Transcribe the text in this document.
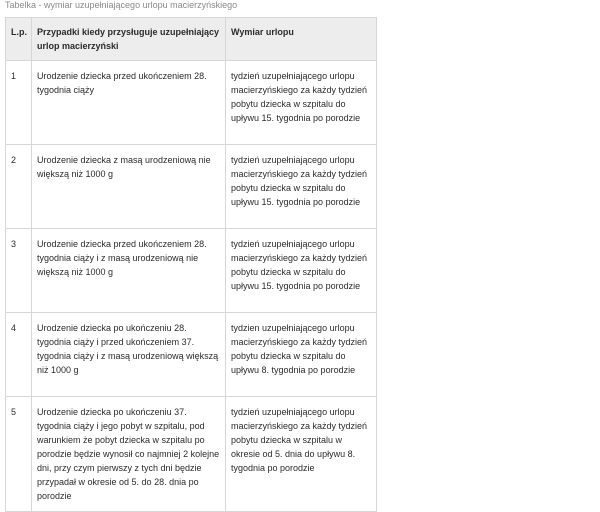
Tabelka - wymiar uzupełniającego urlopu macierzyńskiego
L.p.	Przypadki kiedy przysługuje uzupełniający urlop macierzyński	Wymiar urlopu
1	Urodzenie dziecka przed ukończeniem 28. tygodnia ciąży	tydzień uzupełniającego urlopu macierzyńskiego za każdy tydzień pobytu dziecka w szpitalu do upływu 15. tygodnia po porodzie
2	Urodzenie dziecka z masą urodzeniową nie większą niż 1000 g	tydzień uzupełniającego urlopu macierzyńskiego za każdy tydzień pobytu dziecka w szpitalu do upływu 15. tygodnia po porodzie
3	Urodzenie dziecka przed ukończeniem 28. tygodnia ciąży i z masą urodzeniową nie większą niż 1000 g	tydzień uzupełniającego urlopu macierzyńskiego za każdy tydzień pobytu dziecka w szpitalu do upływu 15. tygodnia po porodzie
4	Urodzenie dziecka po ukończeniu 28. tygodnia ciąży i przed ukończeniem 37. tygodnia ciąży i z masą urodzeniową większą niż 1000 g	tydzien uzupełniającego urlopu macierzyńskiego za każdy tydzień pobytu dziecka w szpitalu do upływu 8. tygodnia po porodzie
5	Urodzenie dziecka po ukończeniu 37. tygodnia ciąży i jego pobyt w szpitalu, pod warunkiem że pobyt dziecka w szpitalu po porodzie będzie wynosił co najmniej 2 kolejne dni, przy czym pierwszy z tych dni będzie przypadał w okresie od 5. do 28. dnia po porodzie	tydzień uzupełniającego urlopu macierzyńskiego za każdy tydzień pobytu dziecka w szpitalu w okresie od 5. dnia do upływu 8. tygodnia po porodzie
